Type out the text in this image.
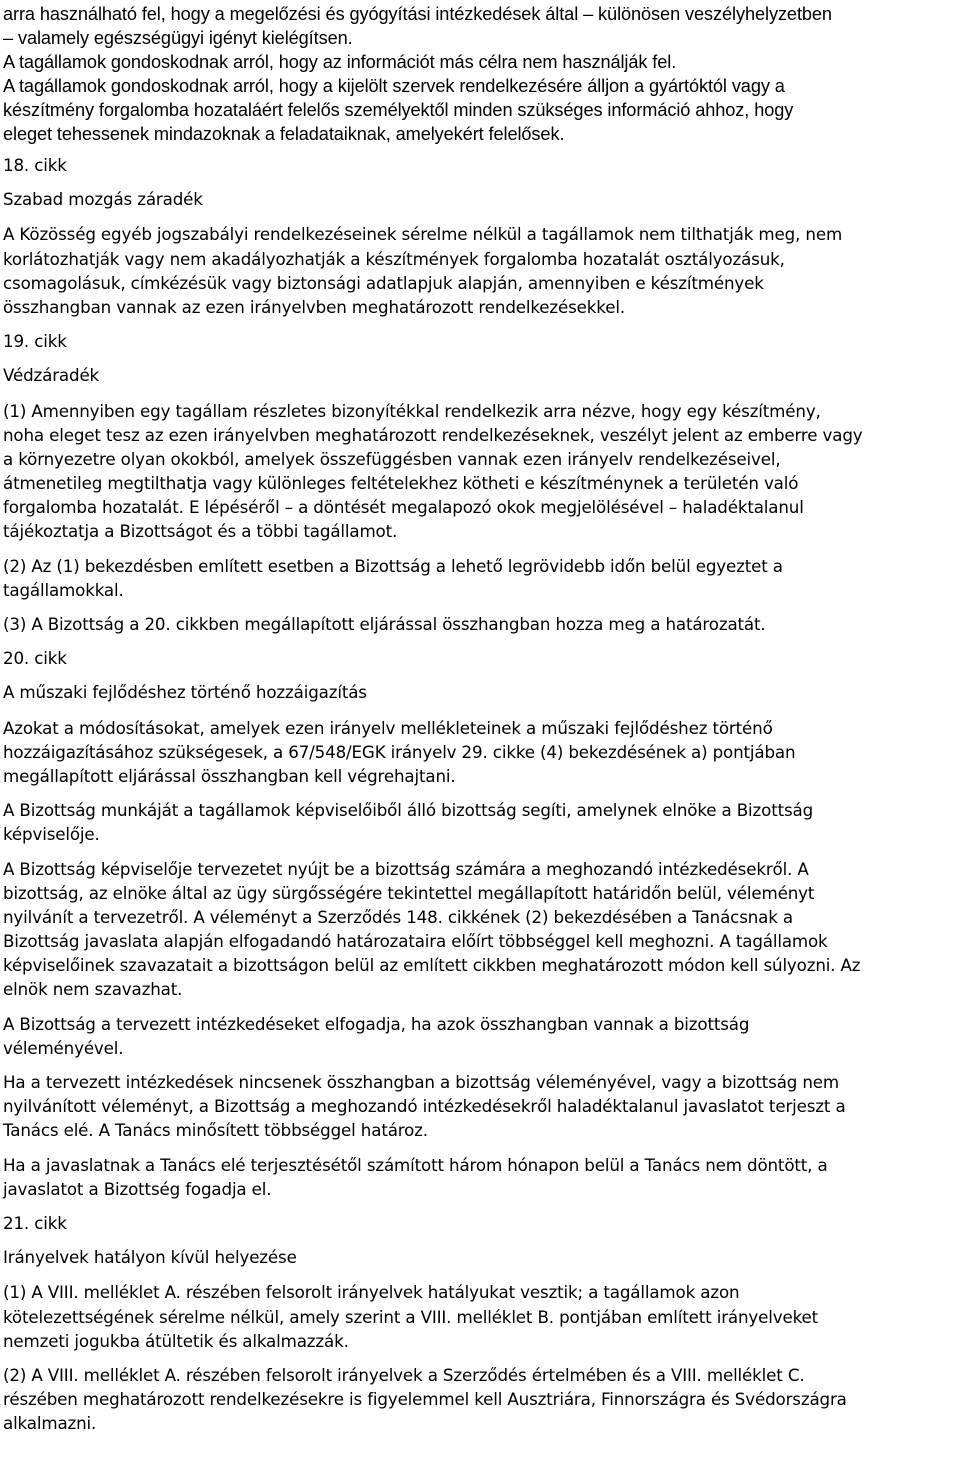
arra használható fel, hogy a megelőzési és gyógyítási intézkedések által – különösen veszélyhelyzetben
– valamely egészségügyi igényt kielégítsen.
A tagállamok gondoskodnak arról, hogy az információt más célra nem használják fel.
A tagállamok gondoskodnak arról, hogy a kijelölt szervek rendelkezésére álljon a gyártóktól vagy a
készítmény forgalomba hozataláért felelős személyektől minden szükséges információ ahhoz, hogy
eleget tehessenek mindazoknak a feladataiknak, amelyekért felelősek.
18. cikk
Szabad mozgás záradék
A Közösség egyéb jogszabályi rendelkezéseinek sérelme nélkül a tagállamok nem tilthatják meg, nem
korlátozhatják vagy nem akadályozhatják a készítmények forgalomba hozatalát osztályozásuk,
csomagolásuk, címkézésük vagy biztonsági adatlapjuk alapján, amennyiben e készítmények
összhangban vannak az ezen irányelvben meghatározott rendelkezésekkel.
19. cikk
Védzáradék
(1) Amennyiben egy tagállam részletes bizonyítékkal rendelkezik arra nézve, hogy egy készítmény,
noha eleget tesz az ezen irányelvben meghatározott rendelkezéseknek, veszélyt jelent az emberre vagy
a környezetre olyan okokból, amelyek összefüggésben vannak ezen irányelv rendelkezéseivel,
átmenetileg megtilthatja vagy különleges feltételekhez kötheti e készítménynek a területén való
forgalomba hozatalát. E lépéséről – a döntését megalapozó okok megjelölésével – haladéktalanul
tájékoztatja a Bizottságot és a többi tagállamot.
(2) Az (1) bekezdésben említett esetben a Bizottság a lehető legrövidebb időn belül egyeztet a
tagállamokkal.
(3) A Bizottság a 20. cikkben megállapított eljárással összhangban hozza meg a határozatát.
20. cikk
A műszaki fejlődéshez történő hozzáigazítás
Azokat a módosításokat, amelyek ezen irányelv mellékleteinek a műszaki fejlődéshez történő
hozzáigazításához szükségesek, a 67/548/EGK irányelv 29. cikke (4) bekezdésének a) pontjában
megállapított eljárással összhangban kell végrehajtani.
A Bizottság munkáját a tagállamok képviselőiből álló bizottság segíti, amelynek elnöke a Bizottság
képviselője.
A Bizottság képviselője tervezetet nyújt be a bizottság számára a meghozandó intézkedésekről. A
bizottság, az elnöke által az ügy sürgősségére tekintettel megállapított határidőn belül, véleményt
nyilvánít a tervezetről. A véleményt a Szerződés 148. cikkének (2) bekezdésében a Tanácsnak a
Bizottság javaslata alapján elfogadandó határozataira előírt többséggel kell meghozni. A tagállamok
képviselőinek szavazatait a bizottságon belül az említett cikkben meghatározott módon kell súlyozni. Az
elnök nem szavazhat.
A Bizottság a tervezett intézkedéseket elfogadja, ha azok összhangban vannak a bizottság
véleményével.
Ha a tervezett intézkedések nincsenek összhangban a bizottság véleményével, vagy a bizottság nem
nyilvánított véleményt, a Bizottság a meghozandó intézkedésekről haladéktalanul javaslatot terjeszt a
Tanács elé. A Tanács minősített többséggel határoz.
Ha a javaslatnak a Tanács elé terjesztésétől számított három hónapon belül a Tanács nem döntött, a
javaslatot a Bizottség fogadja el.
21. cikk
Irányelvek hatályon kívül helyezése
(1) A VIII. melléklet A. részében felsorolt irányelvek hatályukat vesztik; a tagállamok azon
kötelezettségének sérelme nélkül, amely szerint a VIII. melléklet B. pontjában említett irányelveket
nemzeti jogukba átültetik és alkalmazzák.
(2) A VIII. melléklet A. részében felsorolt irányelvek a Szerződés értelmében és a VIII. melléklet C.
részében meghatározott rendelkezésekre is figyelemmel kell Ausztriára, Finnországra és Svédországra
alkalmazni.
